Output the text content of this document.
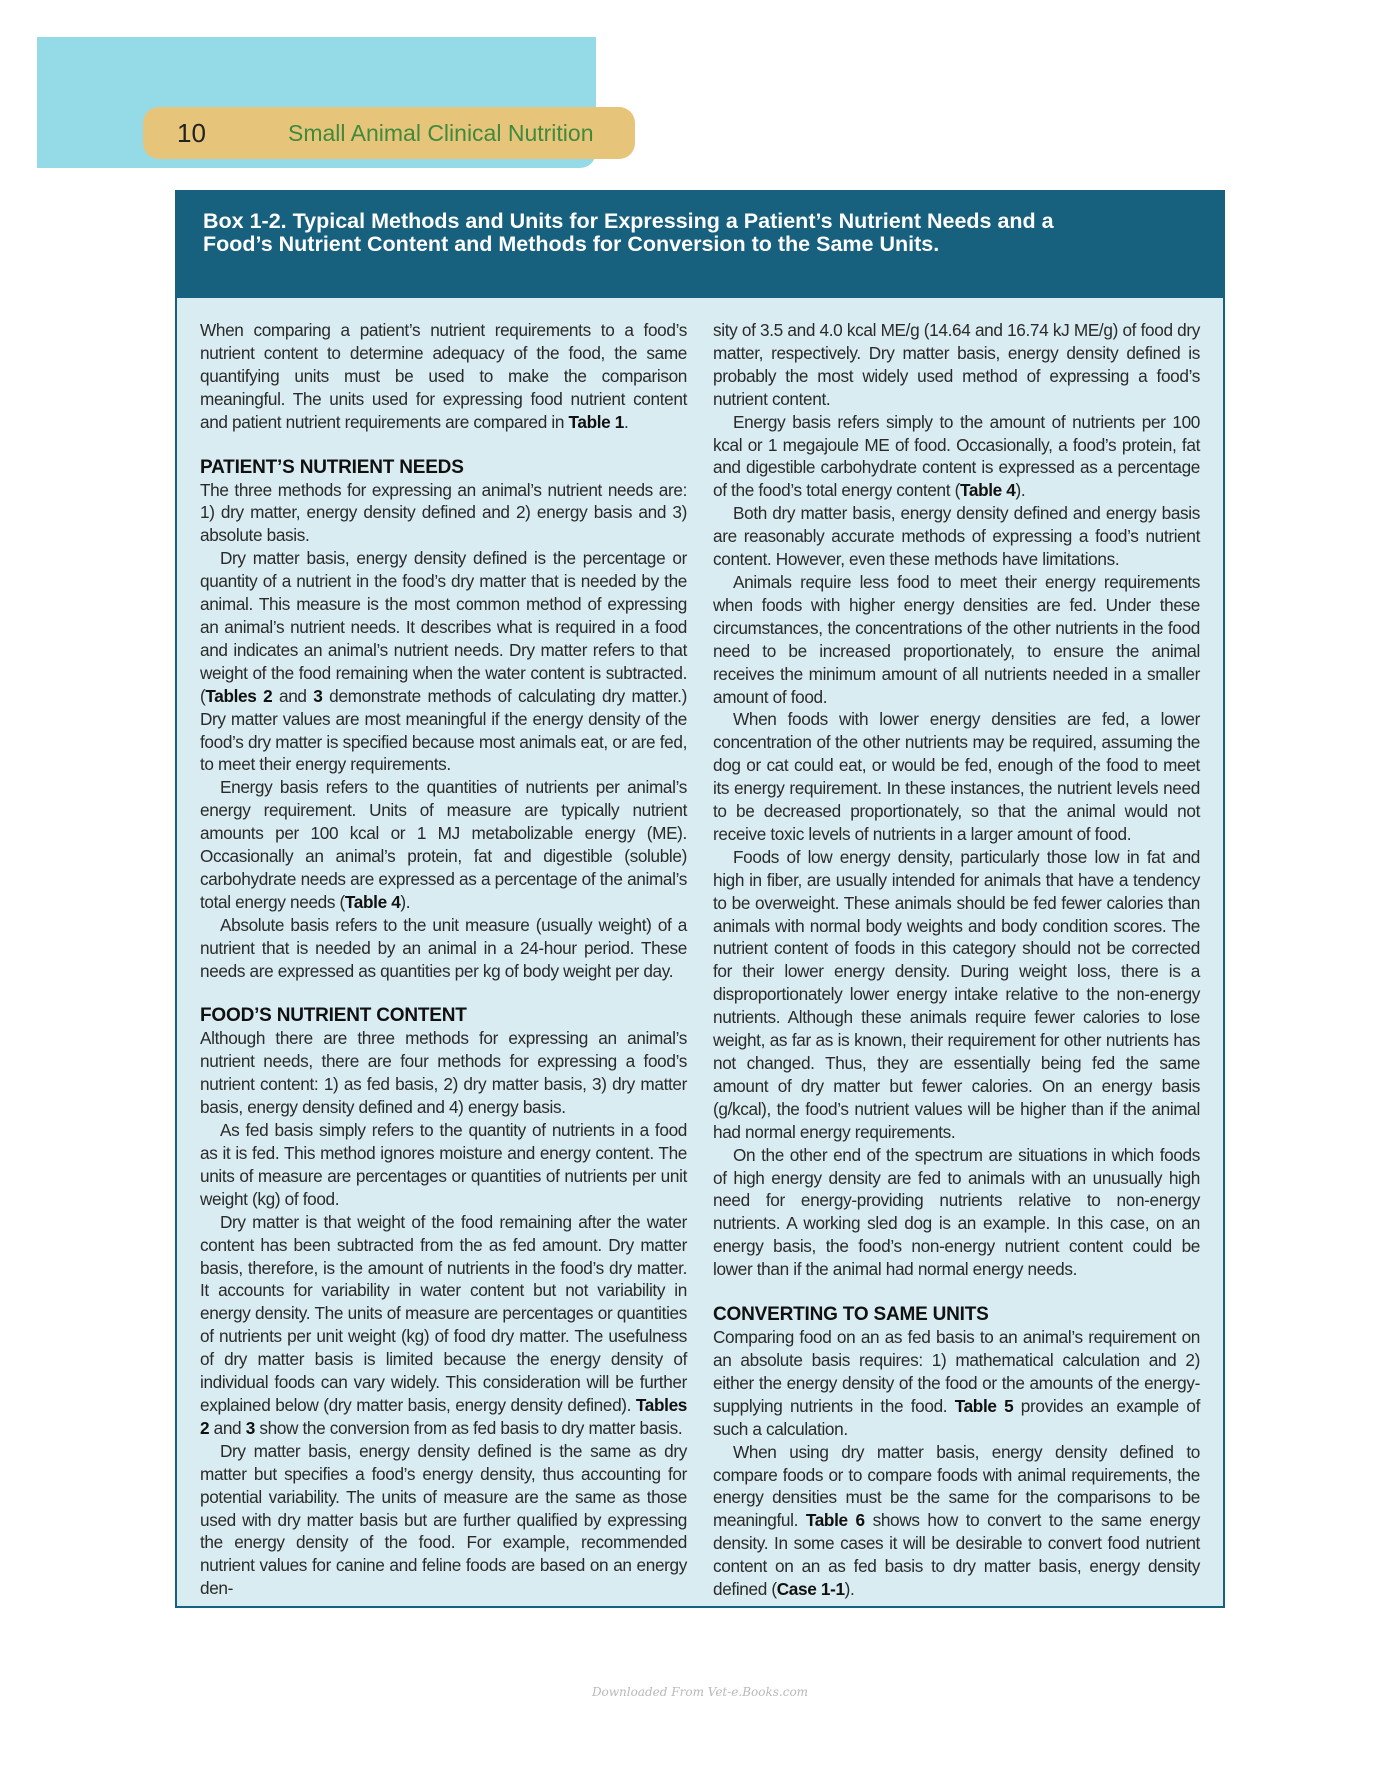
10	Small Animal Clinical Nutrition
Box 1-2. Typical Methods and Units for Expressing a Patient’s Nutrient Needs and a
Food’s Nutrient Content and Methods for Conversion to the Same Units.

When comparing a patient’s nutrient requirements to a food’s nutrient content to determine adequacy of the food, the same quantifying units must be used to make the comparison meaningful. The units used for expressing food nutrient content and patient nutrient requirements are compared in Table 1.

PATIENT’S NUTRIENT NEEDS

The three methods for expressing an animal’s nutrient needs are: 1) dry matter, energy density defined and 2) energy basis and 3) absolute basis.

Dry matter basis, energy density defined is the percentage or quantity of a nutrient in the food’s dry matter that is needed by the animal. This measure is the most common method of expressing an animal’s nutrient needs. It describes what is required in a food and indicates an animal’s nutrient needs. Dry matter refers to that weight of the food remaining when the water content is subtracted. (Tables 2 and 3 demonstrate methods of calculating dry matter.) Dry matter values are most meaningful if the energy density of the food’s dry matter is specified because most animals eat, or are fed, to meet their energy requirements.

Energy basis refers to the quantities of nutrients per animal’s energy requirement. Units of measure are typically nutrient amounts per 100 kcal or 1 MJ metabolizable energy (ME). Occasionally an animal’s protein, fat and digestible (soluble) carbohydrate needs are expressed as a percentage of the animal’s total energy needs (Table 4).

Absolute basis refers to the unit measure (usually weight) of a nutrient that is needed by an animal in a 24-hour period. These needs are expressed as quantities per kg of body weight per day.

FOOD’S NUTRIENT CONTENT

Although there are three methods for expressing an animal’s nutrient needs, there are four methods for expressing a food’s nutrient content: 1) as fed basis, 2) dry matter basis, 3) dry matter basis, energy density defined and 4) energy basis.

As fed basis simply refers to the quantity of nutrients in a food as it is fed. This method ignores moisture and energy content. The units of measure are percentages or quantities of nutrients per unit weight (kg) of food.

Dry matter is that weight of the food remaining after the water content has been subtracted from the as fed amount. Dry matter basis, therefore, is the amount of nutrients in the food’s dry matter. It accounts for variability in water content but not variability in energy density. The units of measure are percentages or quantities of nutrients per unit weight (kg) of food dry matter. The usefulness of dry matter basis is limited because the energy density of individual foods can vary widely. This consideration will be further explained below (dry matter basis, energy density defined). Tables 2 and 3 show the conversion from as fed basis to dry matter basis.

Dry matter basis, energy density defined is the same as dry matter but specifies a food’s energy density, thus accounting for potential variability. The units of measure are the same as those used with dry matter basis but are further qualified by expressing the energy density of the food. For example, recommended nutrient values for canine and feline foods are based on an energy den-

sity of 3.5 and 4.0 kcal ME/g (14.64 and 16.74 kJ ME/g) of food dry matter, respectively. Dry matter basis, energy density defined is probably the most widely used method of expressing a food’s nutrient content.

Energy basis refers simply to the amount of nutrients per 100 kcal or 1 megajoule ME of food. Occasionally, a food’s protein, fat and digestible carbohydrate content is expressed as a percentage of the food’s total energy content (Table 4).

Both dry matter basis, energy density defined and energy basis are reasonably accurate methods of expressing a food’s nutrient content. However, even these methods have limitations.

Animals require less food to meet their energy requirements when foods with higher energy densities are fed. Under these circumstances, the concentrations of the other nutrients in the food need to be increased proportionately, to ensure the animal receives the minimum amount of all nutrients needed in a smaller amount of food.

When foods with lower energy densities are fed, a lower concentration of the other nutrients may be required, assuming the dog or cat could eat, or would be fed, enough of the food to meet its energy requirement. In these instances, the nutrient levels need to be decreased proportionately, so that the animal would not receive toxic levels of nutrients in a larger amount of food.

Foods of low energy density, particularly those low in fat and high in fiber, are usually intended for animals that have a tendency to be overweight. These animals should be fed fewer calories than animals with normal body weights and body condition scores. The nutrient content of foods in this category should not be corrected for their lower energy density. During weight loss, there is a disproportionately lower energy intake relative to the non-energy nutrients. Although these animals require fewer calories to lose weight, as far as is known, their requirement for other nutrients has not changed. Thus, they are essentially being fed the same amount of dry matter but fewer calories. On an energy basis (g/kcal), the food’s nutrient values will be higher than if the animal had normal energy requirements.

On the other end of the spectrum are situations in which foods of high energy density are fed to animals with an unusually high need for energy-providing nutrients relative to non-energy nutrients. A working sled dog is an example. In this case, on an energy basis, the food’s non-energy nutrient content could be lower than if the animal had normal energy needs.

CONVERTING TO SAME UNITS

Comparing food on an as fed basis to an animal’s requirement on an absolute basis requires: 1) mathematical calculation and 2) either the energy density of the food or the amounts of the energy-supplying nutrients in the food. Table 5 provides an example of such a calculation.

When using dry matter basis, energy density defined to compare foods or to compare foods with animal requirements, the energy densities must be the same for the comparisons to be meaningful. Table 6 shows how to convert to the same energy density. In some cases it will be desirable to convert food nutrient content on an as fed basis to dry matter basis, energy density defined (Case 1-1).

Downloaded From Vet-e.Books.com
